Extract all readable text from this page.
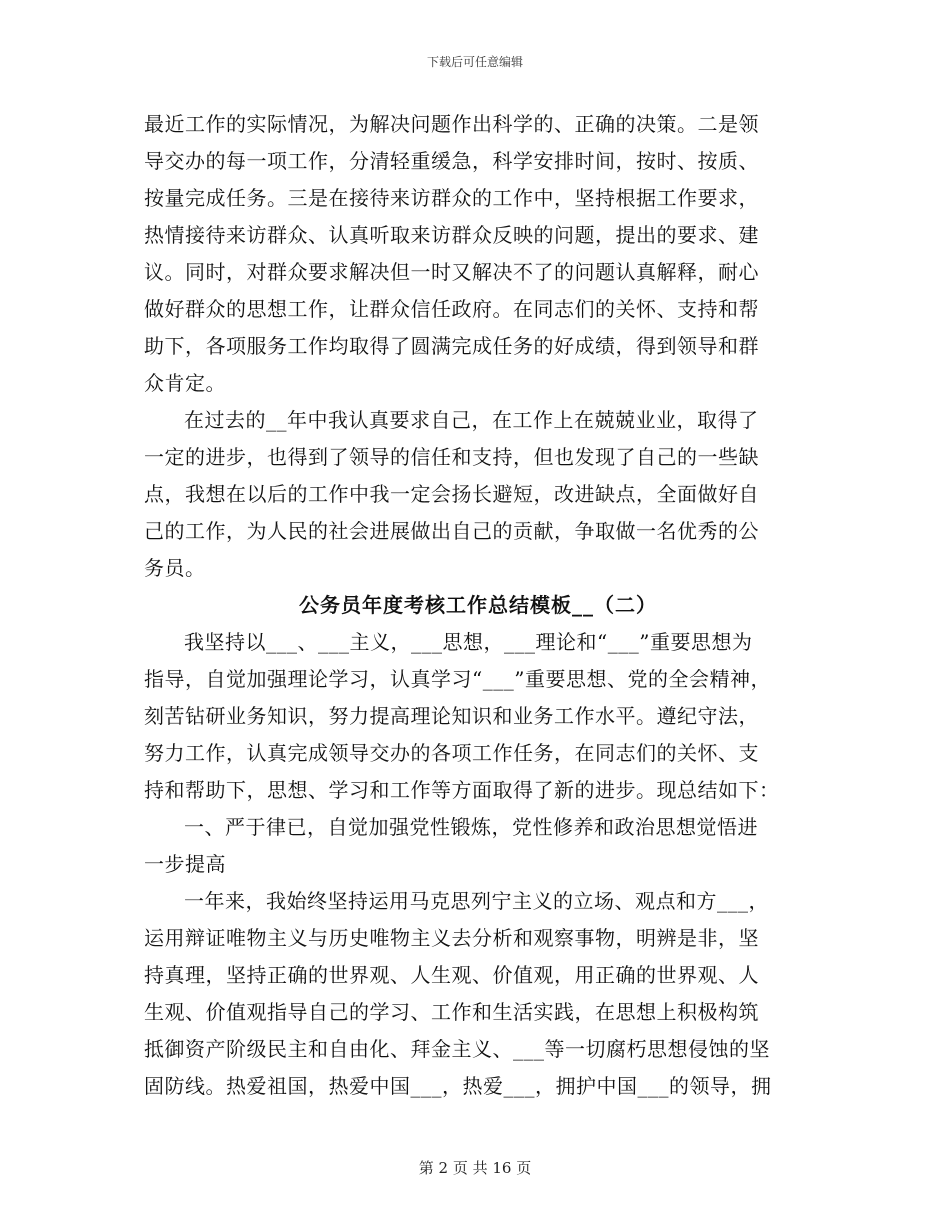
下载后可任意编辑
最近工作的实际情况，为解决问题作出科学的、正确的决策。二是领
导交办的每一项工作，分清轻重缓急，科学安排时间，按时、按质、
按量完成任务。三是在接待来访群众的工作中，坚持根据工作要求，
热情接待来访群众、认真听取来访群众反映的问题，提出的要求、建
议。同时，对群众要求解决但一时又解决不了的问题认真解释，耐心
做好群众的思想工作，让群众信任政府。在同志们的关怀、支持和帮
助下，各项服务工作均取得了圆满完成任务的好成绩，得到领导和群
众肯定。
在过去的__年中我认真要求自己，在工作上在兢兢业业，取得了
一定的进步，也得到了领导的信任和支持，但也发现了自己的一些缺
点，我想在以后的工作中我一定会扬长避短，改进缺点，全面做好自
己的工作，为人民的社会进展做出自己的贡献，争取做一名优秀的公
务员。
公务员年度考核工作总结模板__（二）
我坚持以___、___主义，___思想，___理论和“___”重要思想为
指导，自觉加强理论学习，认真学习“___”重要思想、党的全会精神，
刻苦钻研业务知识，努力提高理论知识和业务工作水平。遵纪守法，
努力工作，认真完成领导交办的各项工作任务，在同志们的关怀、支
持和帮助下，思想、学习和工作等方面取得了新的进步。现总结如下：
一、严于律已，自觉加强党性锻炼，党性修养和政治思想觉悟进
一步提高
一年来，我始终坚持运用马克思列宁主义的立场、观点和方___，
运用辩证唯物主义与历史唯物主义去分析和观察事物，明辨是非，坚
持真理，坚持正确的世界观、人生观、价值观，用正确的世界观、人
生观、价值观指导自己的学习、工作和生活实践，在思想上积极构筑
抵御资产阶级民主和自由化、拜金主义、___等一切腐朽思想侵蚀的坚
固防线。热爱祖国，热爱中国___，热爱___，拥护中国___的领导，拥
第 2 页 共 16 页
